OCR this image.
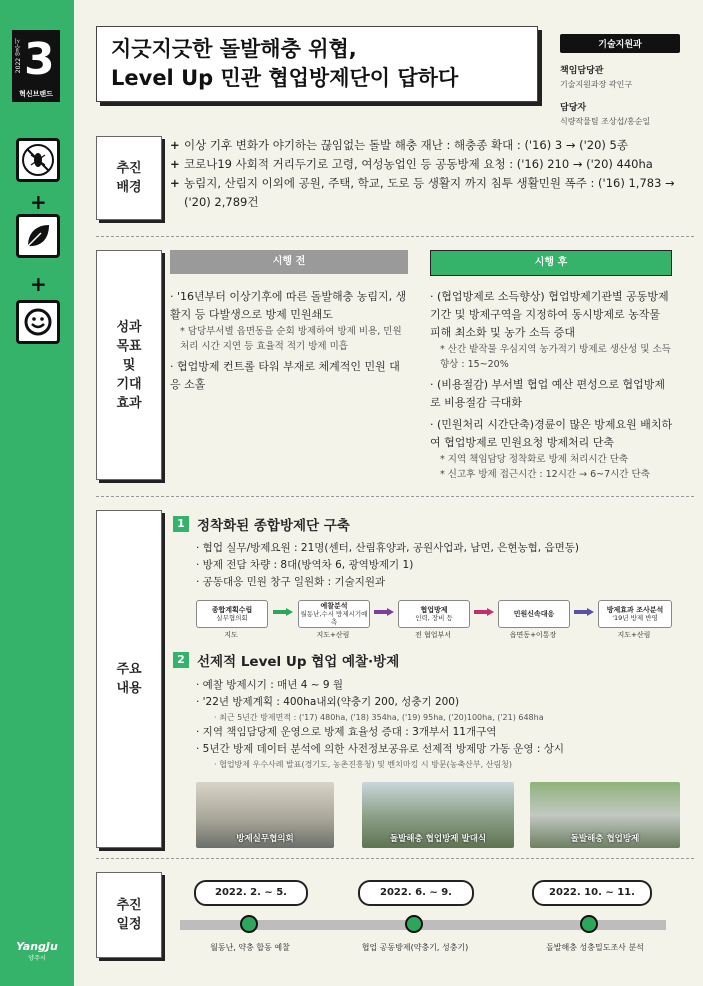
2022 양주시 3
혁신브랜드
+
+
YangJu
양주시
지긋지긋한 돌발해충 위협,
Level Up 민관 협업방제단이 답하다
기술지원과
책임담당관
기술지원과장 곽인구
담당자
식량작물팀 조상섭/홍순일
추진
배경
+ 이상 기후 변화가 야기하는 끊임없는 돌발 해충 재난 : 해충종 확대 : ('16) 3 → ('20) 5종
+ 코로나19 사회적 거리두기로 고령, 여성농업인 등 공동방제 요청 : ('16) 210 → ('20) 440ha
+ 농림지, 산림지 이외에 공원, 주택, 학교, 도로 등 생활지 까지 침투 생활민원 폭주 : ('16) 1,783 → ('20) 2,789건
성과
목표
및
기대
효과
시행 전	시행 후
· '16년부터 이상기후에 따른 돌발해충 농림지, 생활지 등 다발생으로 방제 민원쇄도
* 담당부서별 읍면동을 순회 방제하여 방제 비용, 민원처리 시간 지연 등 효율적 적기 방제 미흡
· 협업방제 컨트롤 타워 부재로 체계적인 민원 대응 소홀
· (협업방제로 소득향상) 협업방제기관별 공동방제 기간 및 방제구역을 지정하여 동시방제로 농작물 피해 최소화 및 농가 소득 증대
* 산간 밭작물 우심지역 농가적기 방제로 생산성 및 소득향상 : 15~20%
· (비용절감) 부서별 협업 예산 편성으로 협업방제로 비용절감 극대화
· (민원처리 시간단축)경륜이 많은 방제요원 배치하여 협업방제로 민원요청 방제처리 단축
* 지역 책임담당 정착화로 방제 처리시간 단축
* 신고후 방제 접근시간 : 12시간 → 6~7시간 단축
주요
내용
1 정착화된 종합방제단 구축
· 협업 실무/방제요원 : 21명(센터, 산림휴양과, 공원사업과, 남면, 은현농협, 읍면동)
· 방제 전담 차량 : 8대(방역차 6, 광역방제기 1)
· 공동대응 민원 창구 일원화 : 기술지원과
종합계획수립
실무협의회
예찰분석
월동난,수시 방제시기예측
협업방제
인력, 장비 등	민원신속대응	방제효과 조사분석
'19년 방제 반영
지도	지도+산림	전 협업부서	읍면동+이통장	지도+산림
2 선제적 Level Up 협업 예찰·방제
· 예찰 방제시기 : 매년 4 ~ 9 월
· '22년 방제계획 : 400ha내외(약충기 200, 성충기 200)
· 최근 5년간 방제면적 : ('17) 480ha, ('18) 354ha, ('19) 95ha, ('20)100ha, ('21) 648ha
· 지역 책임담당제 운영으로 방제 효율성 증대 : 3개부서 11개구역
· 5년간 방제 데이터 분석에 의한 사전정보공유로 선제적 방제망 가동 운영 : 상시
· 협업방제 우수사례 발표(경기도, 농촌진흥청) 및 벤치마킹 시 방문(농축산부, 산림청)
방제실무협의회	돌발해충 협업방제 발대식	돌발해충 협업방제
추진
일정
2022. 2. ~ 5.	2022. 6. ~ 9.	2022. 10. ~ 11.
월동난, 약충 합동 예찰	협업 공동방제(약충기, 성충기)	돌발해충 성충밀도조사 분석
